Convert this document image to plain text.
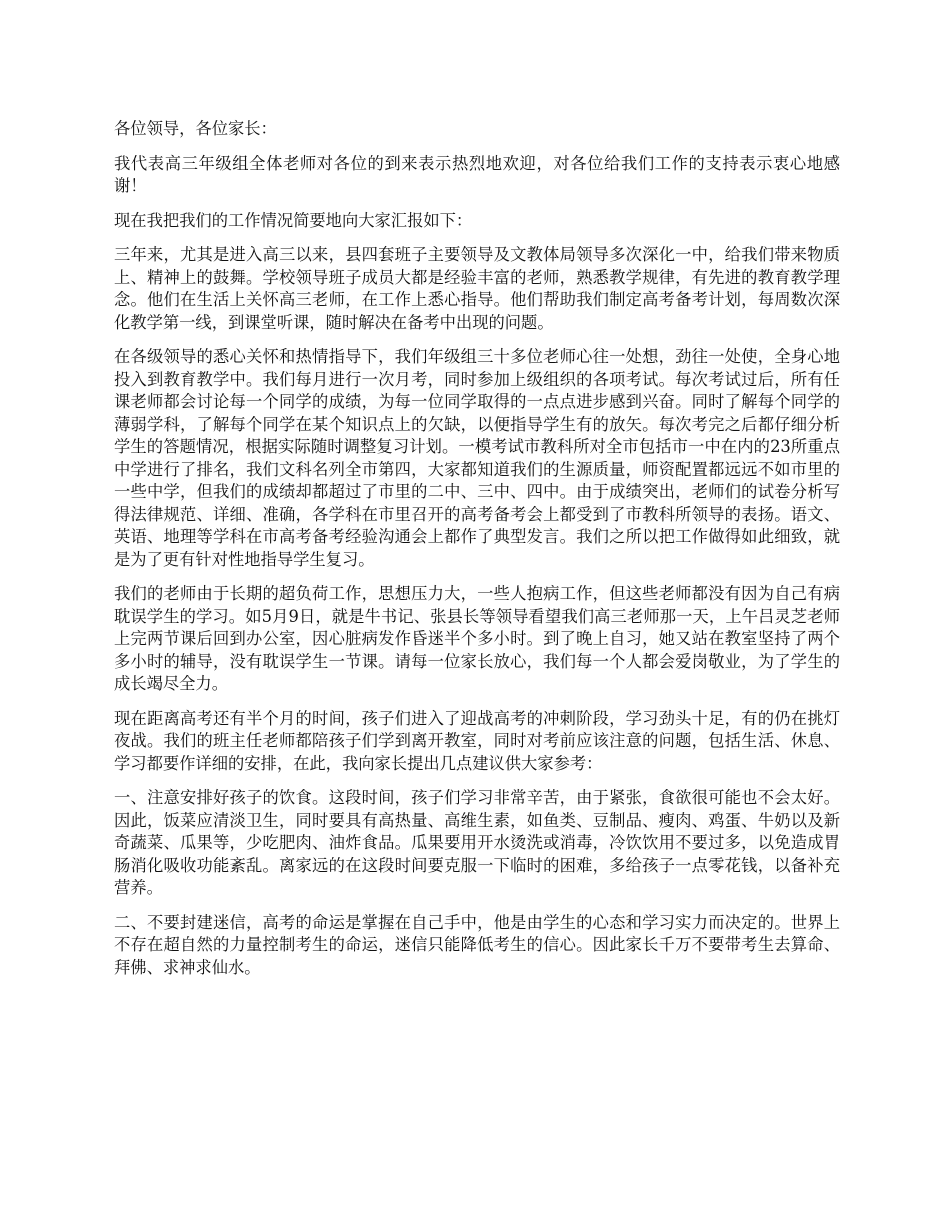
各位领导，各位家长：

我代表高三年级组全体老师对各位的到来表示热烈地欢迎，对各位给我们工作的支持表示衷心地感谢！

现在我把我们的工作情况简要地向大家汇报如下：

三年来，尤其是进入高三以来，县四套班子主要领导及文教体局领导多次深化一中，给我们带来物质上、精神上的鼓舞。学校领导班子成员大都是经验丰富的老师，熟悉教学规律，有先进的教育教学理念。他们在生活上关怀高三老师，在工作上悉心指导。他们帮助我们制定高考备考计划，每周数次深化教学第一线，到课堂听课，随时解决在备考中出现的问题。

在各级领导的悉心关怀和热情指导下，我们年级组三十多位老师心往一处想，劲往一处使，全身心地投入到教育教学中。我们每月进行一次月考，同时参加上级组织的各项考试。每次考试过后，所有任课老师都会讨论每一个同学的成绩，为每一位同学取得的一点点进步感到兴奋。同时了解每个同学的薄弱学科，了解每个同学在某个知识点上的欠缺，以便指导学生有的放矢。每次考完之后都仔细分析学生的答题情况，根据实际随时调整复习计划。一模考试市教科所对全市包括市一中在内的23所重点中学进行了排名，我们文科名列全市第四，大家都知道我们的生源质量，师资配置都远远不如市里的一些中学，但我们的成绩却都超过了市里的二中、三中、四中。由于成绩突出，老师们的试卷分析写得法律规范、详细、准确，各学科在市里召开的高考备考会上都受到了市教科所领导的表扬。语文、英语、地理等学科在市高考备考经验沟通会上都作了典型发言。我们之所以把工作做得如此细致，就是为了更有针对性地指导学生复习。

我们的老师由于长期的超负荷工作，思想压力大，一些人抱病工作，但这些老师都没有因为自己有病耽误学生的学习。如5月9日，就是牛书记、张县长等领导看望我们高三老师那一天，上午吕灵芝老师上完两节课后回到办公室，因心脏病发作昏迷半个多小时。到了晚上自习，她又站在教室坚持了两个多小时的辅导，没有耽误学生一节课。请每一位家长放心，我们每一个人都会爱岗敬业，为了学生的成长竭尽全力。

现在距离高考还有半个月的时间，孩子们进入了迎战高考的冲刺阶段，学习劲头十足，有的仍在挑灯夜战。我们的班主任老师都陪孩子们学到离开教室，同时对考前应该注意的问题，包括生活、休息、学习都要作详细的安排，在此，我向家长提出几点建议供大家参考：

一、注意安排好孩子的饮食。这段时间，孩子们学习非常辛苦，由于紧张，食欲很可能也不会太好。因此，饭菜应清淡卫生，同时要具有高热量、高维生素，如鱼类、豆制品、瘦肉、鸡蛋、牛奶以及新奇蔬菜、瓜果等，少吃肥肉、油炸食品。瓜果要用开水烫洗或消毒，冷饮饮用不要过多，以免造成胃肠消化吸收功能紊乱。离家远的在这段时间要克服一下临时的困难，多给孩子一点零花钱，以备补充营养。

二、不要封建迷信，高考的命运是掌握在自己手中，他是由学生的心态和学习实力而决定的。世界上不存在超自然的力量控制考生的命运，迷信只能降低考生的信心。因此家长千万不要带考生去算命、拜佛、求神求仙水。
